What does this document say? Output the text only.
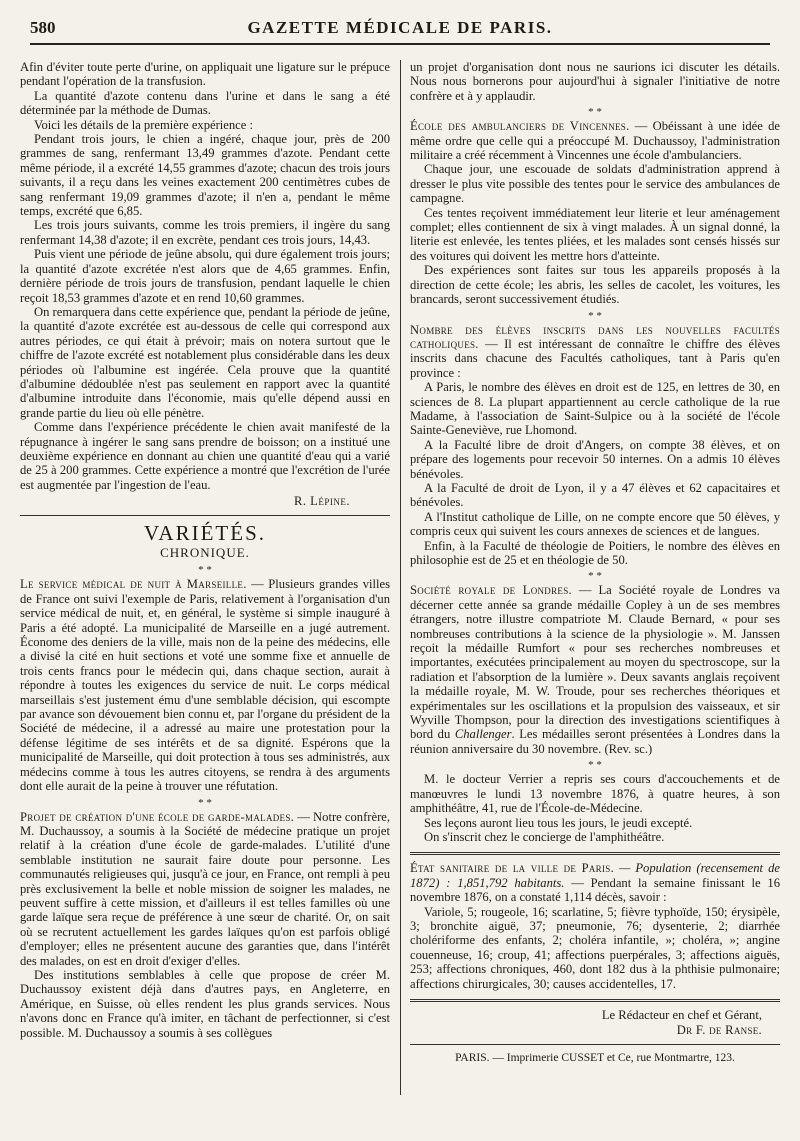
580	GAZETTE MÉDICALE DE PARIS.

Afin d'éviter toute perte d'urine, on appliquait une ligature sur le prépuce pendant l'opération de la transfusion.

La quantité d'azote contenu dans l'urine et dans le sang a été déterminée par la méthode de Dumas.

Voici les détails de la première expérience :

Pendant trois jours, le chien a ingéré, chaque jour, près de 200 grammes de sang, renfermant 13,49 grammes d'azote. Pendant cette même période, il a excrété 14,55 grammes d'azote; chacun des trois jours suivants, il a reçu dans les veines exactement 200 centimètres cubes de sang renfermant 19,09 grammes d'azote; il n'en a, pendant le même temps, excrété que 6,85.

Les trois jours suivants, comme les trois premiers, il ingère du sang renfermant 14,38 d'azote; il en excrète, pendant ces trois jours, 14,43.

Puis vient une période de jeûne absolu, qui dure également trois jours; la quantité d'azote excrétée n'est alors que de 4,65 grammes. Enfin, dernière période de trois jours de transfusion, pendant laquelle le chien reçoit 18,53 grammes d'azote et en rend 10,60 grammes.

On remarquera dans cette expérience que, pendant la période de jeûne, la quantité d'azote excrétée est au-dessous de celle qui correspond aux autres périodes, ce qui était à prévoir; mais on notera surtout que le chiffre de l'azote excrété est notablement plus considérable dans les deux périodes où l'albumine est ingérée. Cela prouve que la quantité d'albumine dédoublée n'est pas seulement en rapport avec la quantité d'albumine introduite dans l'économie, mais qu'elle dépend aussi en grande partie du lieu où elle pénètre.

Comme dans l'expérience précédente le chien avait manifesté de la répugnance à ingérer le sang sans prendre de boisson; on a institué une deuxième expérience en donnant au chien une quantité d'eau qui a varié de 25 à 200 grammes. Cette expérience a montré que l'excrétion de l'urée est augmentée par l'ingestion de l'eau.

R. Lépine.
VARIÉTÉS.
CHRONIQUE.
* *

Le service médical de nuit à Marseille. — Plusieurs grandes villes de France ont suivi l'exemple de Paris, relativement à l'organisation d'un service médical de nuit, et, en général, le système si simple inauguré à Paris a été adopté. La municipalité de Marseille en a jugé autrement. Économe des deniers de la ville, mais non de la peine des médecins, elle a divisé la cité en huit sections et voté une somme fixe et annuelle de trois cents francs pour le médecin qui, dans chaque section, aurait à répondre à toutes les exigences du service de nuit. Le corps médical marseillais s'est justement ému d'une semblable décision, qui escompte par avance son dévouement bien connu et, par l'organe du président de la Société de médecine, il a adressé au maire une protestation pour la défense légitime de ses intérêts et de sa dignité. Espérons que la municipalité de Marseille, qui doit protection à tous ses administrés, aux médecins comme à tous les autres citoyens, se rendra à des arguments dont elle aurait de la peine à trouver une réfutation.

* *

Projet de création d'une école de garde-malades. — Notre confrère, M. Duchaussoy, a soumis à la Société de médecine pratique un projet relatif à la création d'une école de garde-malades. L'utilité d'une semblable institution ne saurait faire doute pour personne. Les communautés religieuses qui, jusqu'à ce jour, en France, ont rempli à peu près exclusivement la belle et noble mission de soigner les malades, ne peuvent suffire à cette mission, et d'ailleurs il est telles familles où une garde laïque sera reçue de préférence à une sœur de charité. Or, on sait où se recrutent actuellement les gardes laïques qu'on est parfois obligé d'employer; elles ne présentent aucune des garanties que, dans l'intérêt des malades, on est en droit d'exiger d'elles.

Des institutions semblables à celle que propose de créer M. Duchaussoy existent déjà dans d'autres pays, en Angleterre, en Amérique, en Suisse, où elles rendent les plus grands services. Nous n'avons donc en France qu'à imiter, en tâchant de perfectionner, si c'est possible. M. Duchaussoy a soumis à ses collègues

un projet d'organisation dont nous ne saurions ici discuter les détails. Nous nous bornerons pour aujourd'hui à signaler l'initiative de notre confrère et à y applaudir.

* *

École des ambulanciers de Vincennes. — Obéissant à une idée de même ordre que celle qui a préoccupé M. Duchaussoy, l'administration militaire a créé récemment à Vincennes une école d'ambulanciers.

Chaque jour, une escouade de soldats d'administration apprend à dresser le plus vite possible des tentes pour le service des ambulances de campagne.

Ces tentes reçoivent immédiatement leur literie et leur aménagement complet; elles contiennent de six à vingt malades. À un signal donné, la literie est enlevée, les tentes pliées, et les malades sont censés hissés sur des voitures qui doivent les mettre hors d'atteinte.

Des expériences sont faites sur tous les appareils proposés à la direction de cette école; les abris, les selles de cacolet, les voitures, les brancards, seront successivement étudiés.

* *

Nombre des élèves inscrits dans les nouvelles facultés catholiques. — Il est intéressant de connaître le chiffre des élèves inscrits dans chacune des Facultés catholiques, tant à Paris qu'en province :

A Paris, le nombre des élèves en droit est de 125, en lettres de 30, en sciences de 8. La plupart appartiennent au cercle catholique de la rue Madame, à l'association de Saint-Sulpice ou à la société de l'école Sainte-Geneviève, rue Lhomond.

A la Faculté libre de droit d'Angers, on compte 38 élèves, et on prépare des logements pour recevoir 50 internes. On a admis 10 élèves bénévoles.

A la Faculté de droit de Lyon, il y a 47 élèves et 62 capacitaires et bénévoles.

A l'Institut catholique de Lille, on ne compte encore que 50 élèves, y compris ceux qui suivent les cours annexes de sciences et de langues.

Enfin, à la Faculté de théologie de Poitiers, le nombre des élèves en philosophie est de 25 et en théologie de 50.

* *

Société royale de Londres. — La Société royale de Londres va décerner cette année sa grande médaille Copley à un de ses membres étrangers, notre illustre compatriote M. Claude Bernard, « pour ses nombreuses contributions à la science de la physiologie ». M. Janssen reçoit la médaille Rumfort « pour ses recherches nombreuses et importantes, exécutées principalement au moyen du spectroscope, sur la radiation et l'absorption de la lumière ». Deux savants anglais reçoivent la médaille royale, M. W. Troude, pour ses recherches théoriques et expérimentales sur les oscillations et la propulsion des vaisseaux, et sir Wyville Thompson, pour la direction des investigations scientifiques à bord du Challenger. Les médailles seront présentées à Londres dans la réunion anniversaire du 30 novembre. (Rev. sc.)

* *

M. le docteur Verrier a repris ses cours d'accouchements et de manœuvres le lundi 13 novembre 1876, à quatre heures, à son amphithéâtre, 41, rue de l'École-de-Médecine.

Ses leçons auront lieu tous les jours, le jeudi excepté.

On s'inscrit chez le concierge de l'amphithéâtre.

État sanitaire de la ville de Paris. — Population (recensement de 1872) : 1,851,792 habitants. — Pendant la semaine finissant le 16 novembre 1876, on a constaté 1,114 décès, savoir :

Variole, 5; rougeole, 16; scarlatine, 5; fièvre typhoïde, 150; érysipèle, 3; bronchite aiguë, 37; pneumonie, 76; dysenterie, 2; diarrhée cholériforme des enfants, 2; choléra infantile, »; choléra, »; angine couenneuse, 16; croup, 41; affections puerpérales, 3; affections aiguës, 253; affections chroniques, 460, dont 182 dus à la phthisie pulmonaire; affections chirurgicales, 30; causes accidentelles, 17.

Le Rédacteur en chef et Gérant,
Dr F. de Ranse.
PARIS. — Imprimerie CUSSET et Ce, rue Montmartre, 123.
